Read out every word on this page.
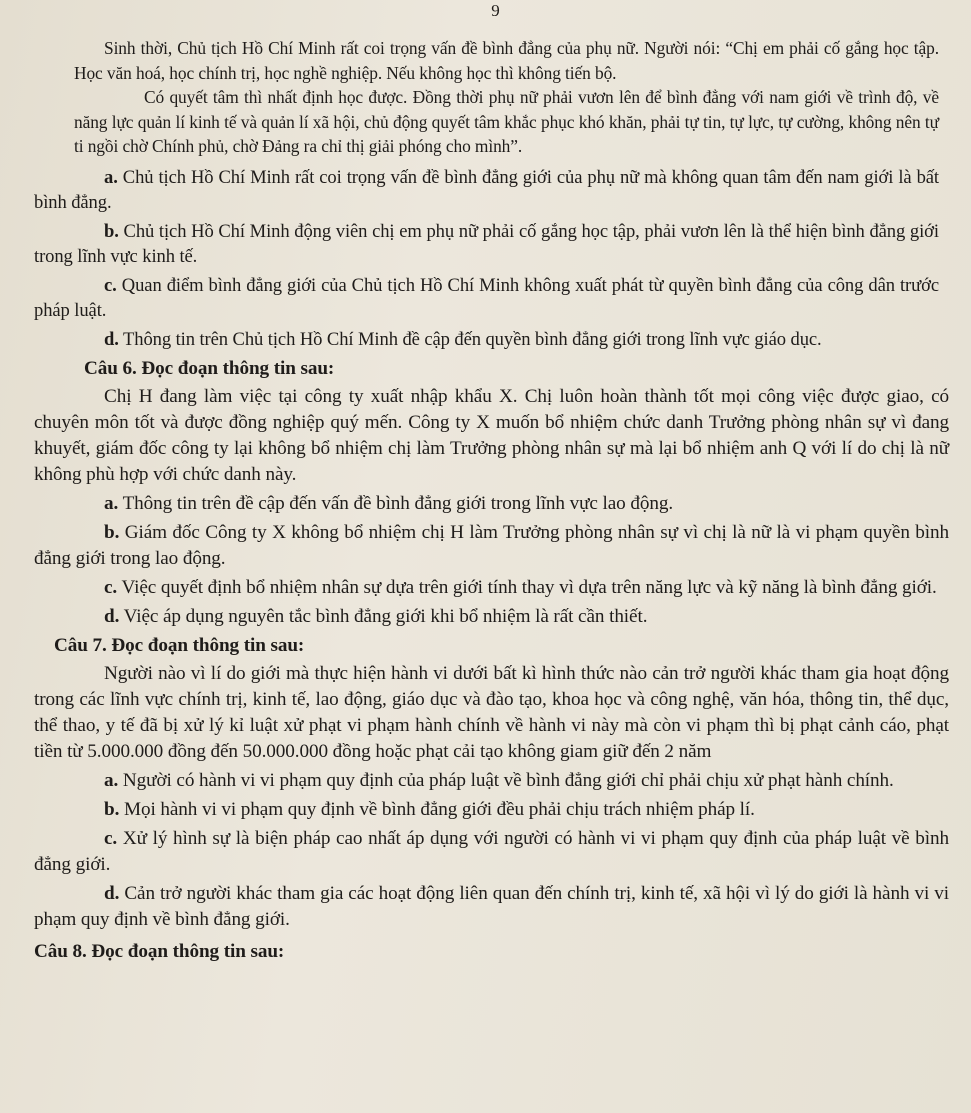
9

Sinh thời, Chủ tịch Hồ Chí Minh rất coi trọng vấn đề bình đẳng của phụ nữ. Người nói: “Chị em phải cố gắng học tập. Học văn hoá, học chính trị, học nghề nghiệp. Nếu không học thì không tiến bộ.

Có quyết tâm thì nhất định học được. Đồng thời phụ nữ phải vươn lên để bình đẳng với nam giới về trình độ, về năng lực quản lí kinh tế và quản lí xã hội, chủ động quyết tâm khắc phục khó khăn, phải tự tin, tự lực, tự cường, không nên tự ti ngồi chờ Chính phủ, chờ Đảng ra chỉ thị giải phóng cho mình”.

a. Chủ tịch Hồ Chí Minh rất coi trọng vấn đề bình đẳng giới của phụ nữ mà không quan tâm đến nam giới là bất bình đẳng.

b. Chủ tịch Hồ Chí Minh động viên chị em phụ nữ phải cố gắng học tập, phải vươn lên là thể hiện bình đẳng giới trong lĩnh vực kinh tế.

c. Quan điểm bình đẳng giới của Chủ tịch Hồ Chí Minh không xuất phát từ quyền bình đẳng của công dân trước pháp luật.

d. Thông tin trên Chủ tịch Hồ Chí Minh đề cập đến quyền bình đẳng giới trong lĩnh vực giáo dục.

Câu 6. Đọc đoạn thông tin sau:

Chị H đang làm việc tại công ty xuất nhập khẩu X. Chị luôn hoàn thành tốt mọi công việc được giao, có chuyên môn tốt và được đồng nghiệp quý mến. Công ty X muốn bổ nhiệm chức danh Trưởng phòng nhân sự vì đang khuyết, giám đốc công ty lại không bổ nhiệm chị làm Trưởng phòng nhân sự mà lại bổ nhiệm anh Q với lí do chị là nữ không phù hợp với chức danh này.

a. Thông tin trên đề cập đến vấn đề bình đẳng giới trong lĩnh vực lao động.

b. Giám đốc Công ty X không bổ nhiệm chị H làm Trưởng phòng nhân sự vì chị là nữ là vi phạm quyền bình đẳng giới trong lao động.

c. Việc quyết định bổ nhiệm nhân sự dựa trên giới tính thay vì dựa trên năng lực và kỹ năng là bình đẳng giới.

d. Việc áp dụng nguyên tắc bình đẳng giới khi bổ nhiệm là rất cần thiết.

Câu 7. Đọc đoạn thông tin sau:

Người nào vì lí do giới mà thực hiện hành vi dưới bất kì hình thức nào cản trở người khác tham gia hoạt động trong các lĩnh vực chính trị, kinh tế, lao động, giáo dục và đào tạo, khoa học và công nghệ, văn hóa, thông tin, thể dục, thể thao, y tế đã bị xử lý kỉ luật xử phạt vi phạm hành chính về hành vi này mà còn vi phạm thì bị phạt cảnh cáo, phạt tiền từ 5.000.000 đồng đến 50.000.000 đồng hoặc phạt cải tạo không giam giữ đến 2 năm

a. Người có hành vi vi phạm quy định của pháp luật về bình đẳng giới chỉ phải chịu xử phạt hành chính.

b. Mọi hành vi vi phạm quy định về bình đẳng giới đều phải chịu trách nhiệm pháp lí.

c. Xử lý hình sự là biện pháp cao nhất áp dụng với người có hành vi vi phạm quy định của pháp luật về bình đẳng giới.

d. Cản trở người khác tham gia các hoạt động liên quan đến chính trị, kinh tế, xã hội vì lý do giới là hành vi vi phạm quy định về bình đẳng giới.

Câu 8. Đọc đoạn thông tin sau:
